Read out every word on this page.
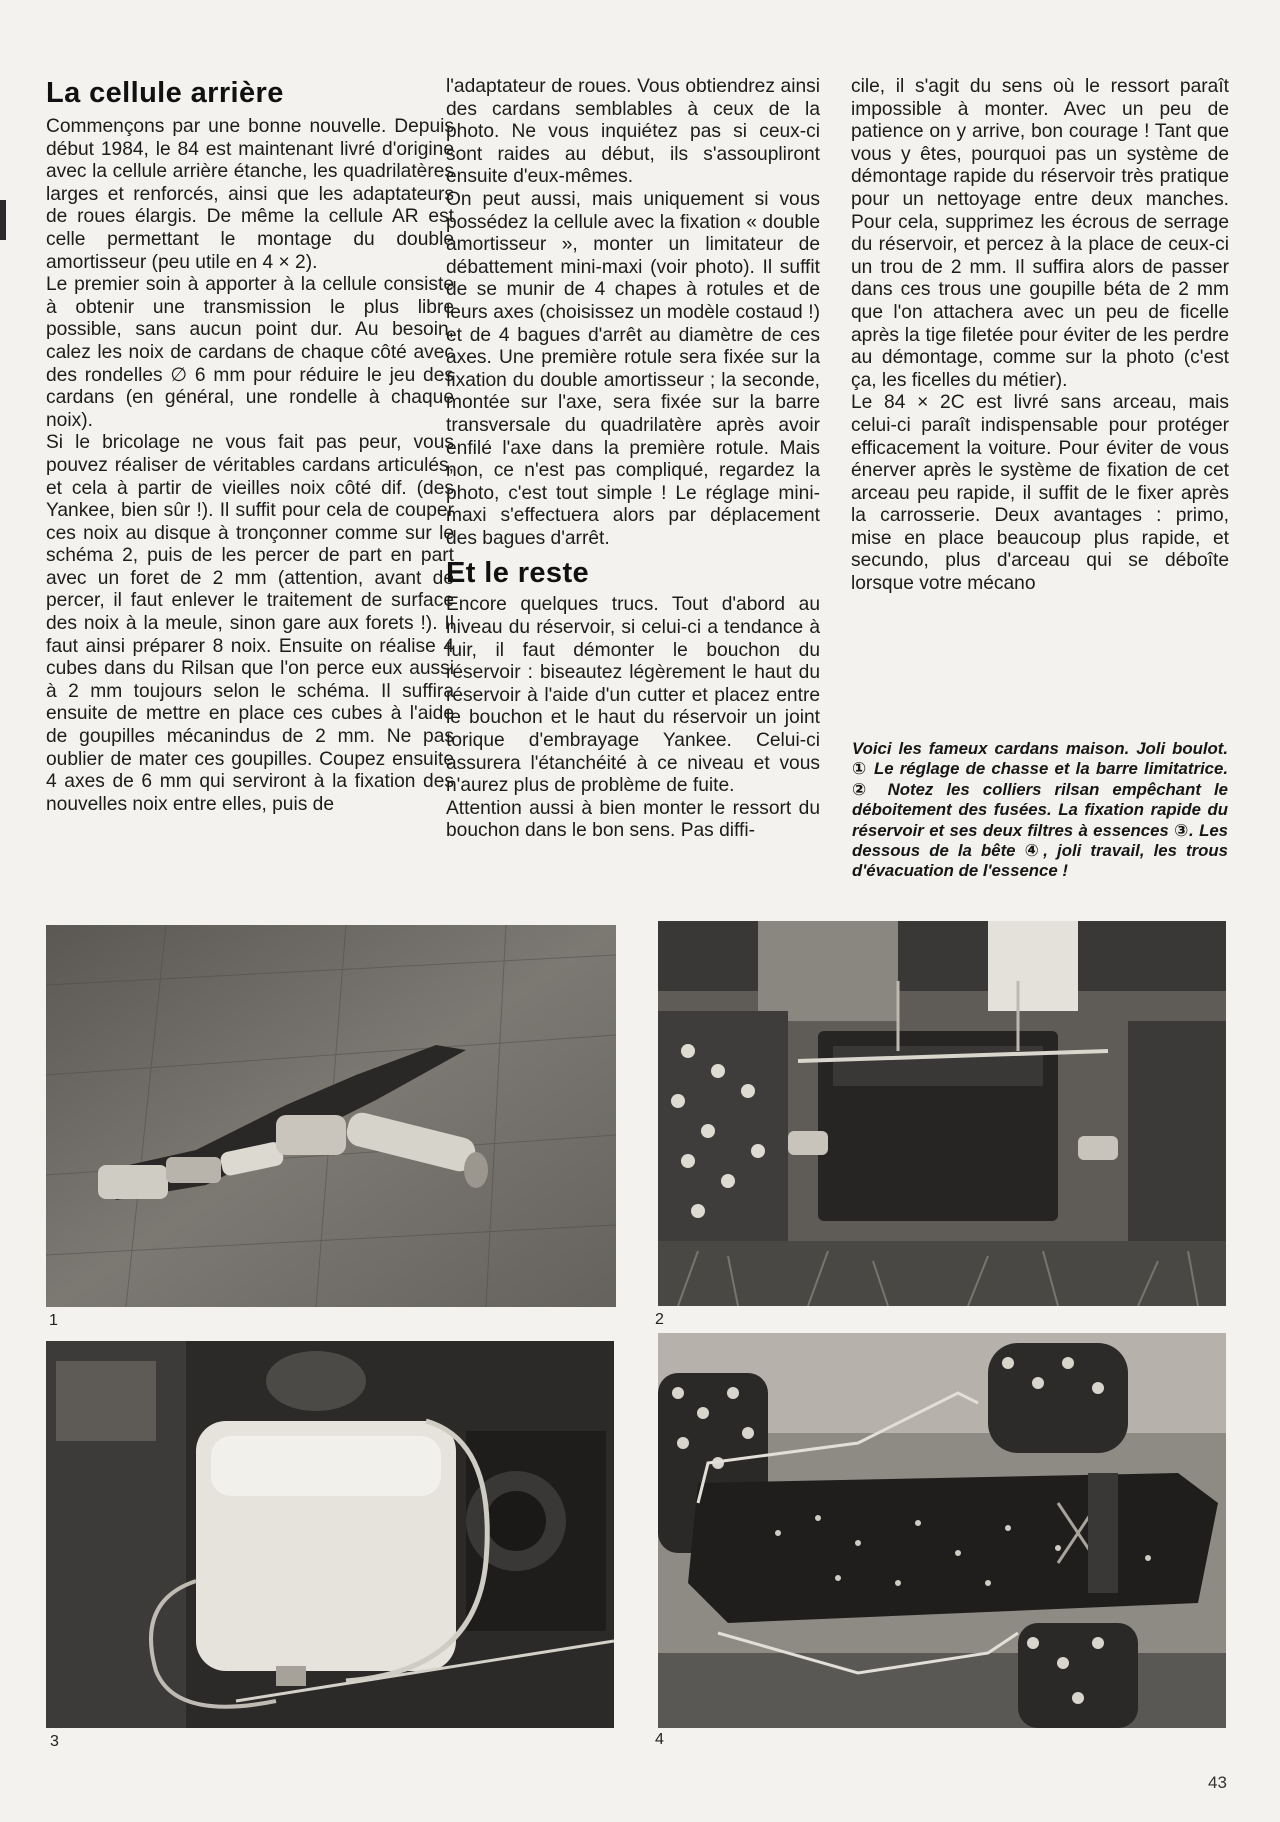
La cellule arrière

Commençons par une bonne nouvelle. Depuis début 1984, le 84 est maintenant livré d'origine avec la cellule arrière étanche, les quadrilatères larges et renforcés, ainsi que les adaptateurs de roues élargis. De même la cellule AR est celle permettant le montage du double amortisseur (peu utile en 4 × 2).

Le premier soin à apporter à la cellule consiste à obtenir une transmission le plus libre possible, sans aucun point dur. Au besoin, calez les noix de cardans de chaque côté avec des rondelles ∅ 6 mm pour réduire le jeu des cardans (en général, une rondelle à chaque noix).

Si le bricolage ne vous fait pas peur, vous pouvez réaliser de véritables cardans articulés, et cela à partir de vieilles noix côté dif. (des Yankee, bien sûr !). Il suffit pour cela de couper ces noix au disque à tronçonner comme sur le schéma 2, puis de les percer de part en part avec un foret de 2 mm (attention, avant de percer, il faut enlever le traitement de surface des noix à la meule, sinon gare aux forets !). Il faut ainsi préparer 8 noix. Ensuite on réalise 4 cubes dans du Rilsan que l'on perce eux aussi à 2 mm toujours selon le schéma. Il suffira ensuite de mettre en place ces cubes à l'aide de goupilles mécanindus de 2 mm. Ne pas oublier de mater ces goupilles. Coupez ensuite 4 axes de 6 mm qui serviront à la fixation des nouvelles noix entre elles, puis de

l'adaptateur de roues. Vous obtiendrez ainsi des cardans semblables à ceux de la photo. Ne vous inquiétez pas si ceux-ci sont raides au début, ils s'assoupliront ensuite d'eux-mêmes.

On peut aussi, mais uniquement si vous possédez la cellule avec la fixation « double amortisseur », monter un limitateur de débattement mini-maxi (voir photo). Il suffit de se munir de 4 chapes à rotules et de leurs axes (choisissez un modèle costaud !) et de 4 bagues d'arrêt au diamètre de ces axes. Une première rotule sera fixée sur la fixation du double amortisseur ; la seconde, montée sur l'axe, sera fixée sur la barre transversale du quadrilatère après avoir enfilé l'axe dans la première rotule. Mais non, ce n'est pas compliqué, regardez la photo, c'est tout simple ! Le réglage mini-maxi s'effectuera alors par déplacement des bagues d'arrêt.

Et le reste

Encore quelques trucs. Tout d'abord au niveau du réservoir, si celui-ci a tendance à fuir, il faut démonter le bouchon du réservoir : biseautez légèrement le haut du réservoir à l'aide d'un cutter et placez entre le bouchon et le haut du réservoir un joint torique d'embrayage Yankee. Celui-ci assurera l'étanchéité à ce niveau et vous n'aurez plus de problème de fuite.

Attention aussi à bien monter le ressort du bouchon dans le bon sens. Pas diffi-

cile, il s'agit du sens où le ressort paraît impossible à monter. Avec un peu de patience on y arrive, bon courage ! Tant que vous y êtes, pourquoi pas un système de démontage rapide du réservoir très pratique pour un nettoyage entre deux manches. Pour cela, supprimez les écrous de serrage du réservoir, et percez à la place de ceux-ci un trou de 2 mm. Il suffira alors de passer dans ces trous une goupille béta de 2 mm que l'on attachera avec un peu de ficelle après la tige filetée pour éviter de les perdre au démontage, comme sur la photo (c'est ça, les ficelles du métier).

Le 84 × 2C est livré sans arceau, mais celui-ci paraît indispensable pour protéger efficacement la voiture. Pour éviter de vous énerver après le système de fixation de cet arceau peu rapide, il suffit de le fixer après la carrosserie. Deux avantages : primo, mise en place beaucoup plus rapide, et secundo, plus d'arceau qui se déboîte lorsque votre mécano

Voici les fameux cardans maison. Joli boulot. ① Le réglage de chasse et la barre limitatrice. ② Notez les colliers rilsan empêchant le déboitement des fusées. La fixation rapide du réservoir et ses deux filtres à essences ③. Les dessous de la bête ④, joli travail, les trous d'évacuation de l'essence !

1	2
3	4
43
